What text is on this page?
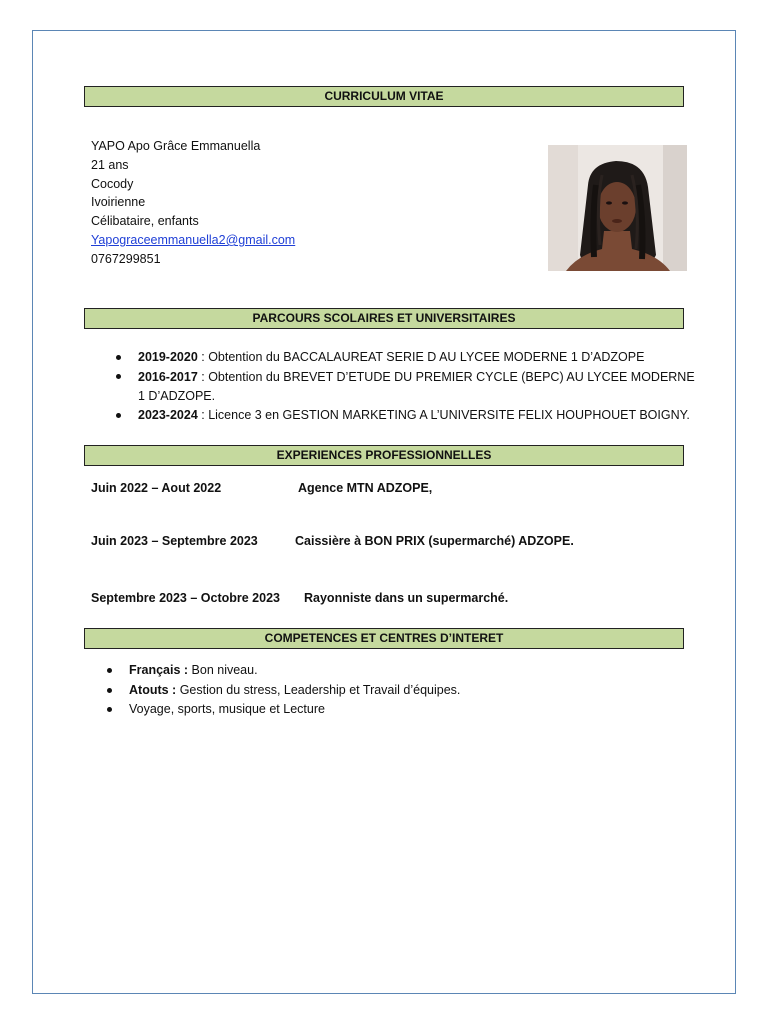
CURRICULUM VITAE
YAPO Apo Grâce Emmanuella
21 ans
Cocody
Ivoirienne
Célibataire, enfants
Yapograceemmanuella2@gmail.com
0767299851
PARCOURS SCOLAIRES ET UNIVERSITAIRES
2019-2020 : Obtention du BACCALAUREAT SERIE D AU LYCEE MODERNE 1 D’ADZOPE
2016-2017 : Obtention du BREVET D’ETUDE DU PREMIER CYCLE (BEPC) AU LYCEE MODERNE
1 D’ADZOPE.
2023-2024 : Licence 3 en GESTION MARKETING A L’UNIVERSITE FELIX HOUPHOUET BOIGNY.
EXPERIENCES PROFESSIONNELLES
Juin 2022 – Aout 2022	Agence MTN ADZOPE,
Juin 2023 – Septembre 2023	Caissière à BON PRIX (supermarché) ADZOPE.
Septembre 2023 – Octobre 2023 Rayonniste dans un supermarché.
COMPETENCES ET CENTRES D’INTERET
Français : Bon niveau.
Atouts : Gestion du stress, Leadership et Travail d’équipes.
Voyage, sports, musique et Lecture
